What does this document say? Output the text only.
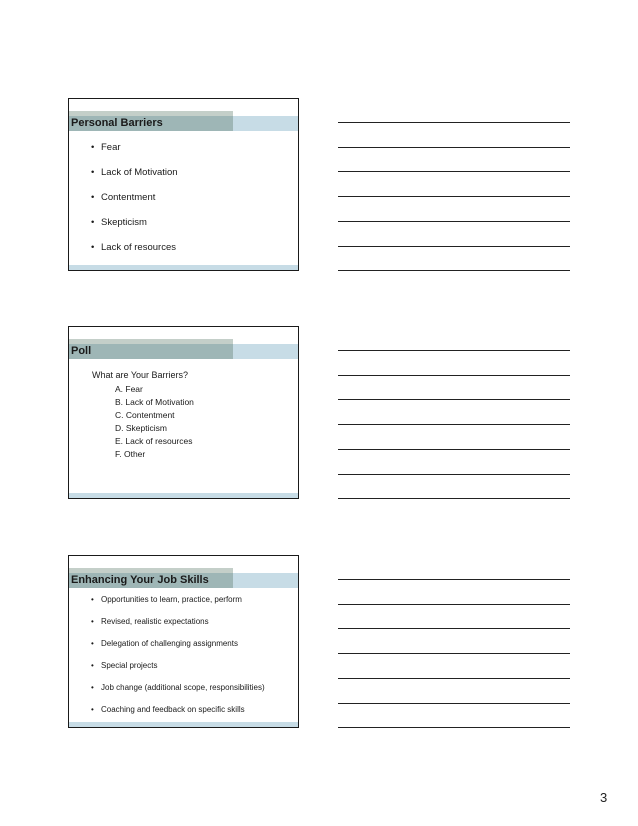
Personal Barriers
• Fear
• Lack of Motivation
• Contentment
• Skepticism
• Lack of resources
Poll
What are Your Barriers?
A. Fear
B. Lack of Motivation
C. Contentment
D. Skepticism
E. Lack of resources
F. Other
Enhancing Your Job Skills
• Opportunities to learn, practice, perform
• Revised, realistic expectations
• Delegation of challenging assignments
• Special projects
• Job change (additional scope, responsibilities)
• Coaching and feedback on specific skills
3
